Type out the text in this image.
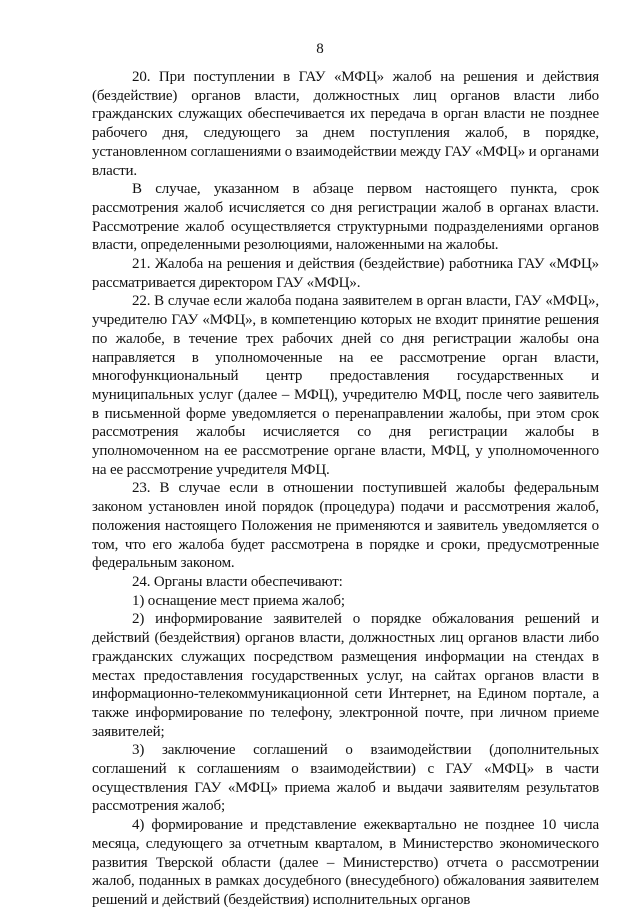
8

20. При поступлении в ГАУ «МФЦ» жалоб на решения и действия (бездействие) органов власти, должностных лиц органов власти либо гражданских служащих обеспечивается их передача в орган власти не позднее рабочего дня, следующего за днем поступления жалоб, в порядке, установленном соглашениями о взаимодействии между ГАУ «МФЦ» и органами власти.

В случае, указанном в абзаце первом настоящего пункта, срок рассмотрения жалоб исчисляется со дня регистрации жалоб в органах власти. Рассмотрение жалоб осуществляется структурными подразделениями органов власти, определенными резолюциями, наложенными на жалобы.

21. Жалоба на решения и действия (бездействие) работника ГАУ «МФЦ» рассматривается директором ГАУ «МФЦ».

22. В случае если жалоба подана заявителем в орган власти, ГАУ «МФЦ», учредителю ГАУ «МФЦ», в компетенцию которых не входит принятие решения по жалобе, в течение трех рабочих дней со дня регистрации жалобы она направляется в уполномоченные на ее рассмотрение орган власти, многофункциональный центр предоставления государственных и муниципальных услуг (далее – МФЦ), учредителю МФЦ, после чего заявитель в письменной форме уведомляется о перенаправлении жалобы, при этом срок рассмотрения жалобы исчисляется со дня регистрации жалобы в уполномоченном на ее рассмотрение органе власти, МФЦ, у уполномоченного на ее рассмотрение учредителя МФЦ.

23. В случае если в отношении поступившей жалобы федеральным законом установлен иной порядок (процедура) подачи и рассмотрения жалоб, положения настоящего Положения не применяются и заявитель уведомляется о том, что его жалоба будет рассмотрена в порядке и сроки, предусмотренные федеральным законом.

24. Органы власти обеспечивают:

1) оснащение мест приема жалоб;

2) информирование заявителей о порядке обжалования решений и действий (бездействия) органов власти, должностных лиц органов власти либо гражданских служащих посредством размещения информации на стендах в местах предоставления государственных услуг, на сайтах органов власти в информационно-телекоммуникационной сети Интернет, на Едином портале, а также информирование по телефону, электронной почте, при личном приеме заявителей;

3) заключение соглашений о взаимодействии (дополнительных соглашений к соглашениям о взаимодействии) с ГАУ «МФЦ» в части осуществления ГАУ «МФЦ» приема жалоб и выдачи заявителям результатов рассмотрения жалоб;

4) формирование и представление ежеквартально не позднее 10 числа месяца, следующего за отчетным кварталом, в Министерство экономического развития Тверской области (далее – Министерство) отчета о рассмотрении жалоб, поданных в рамках досудебного (внесудебного) обжалования заявителем решений и действий (бездействия) исполнительных органов
